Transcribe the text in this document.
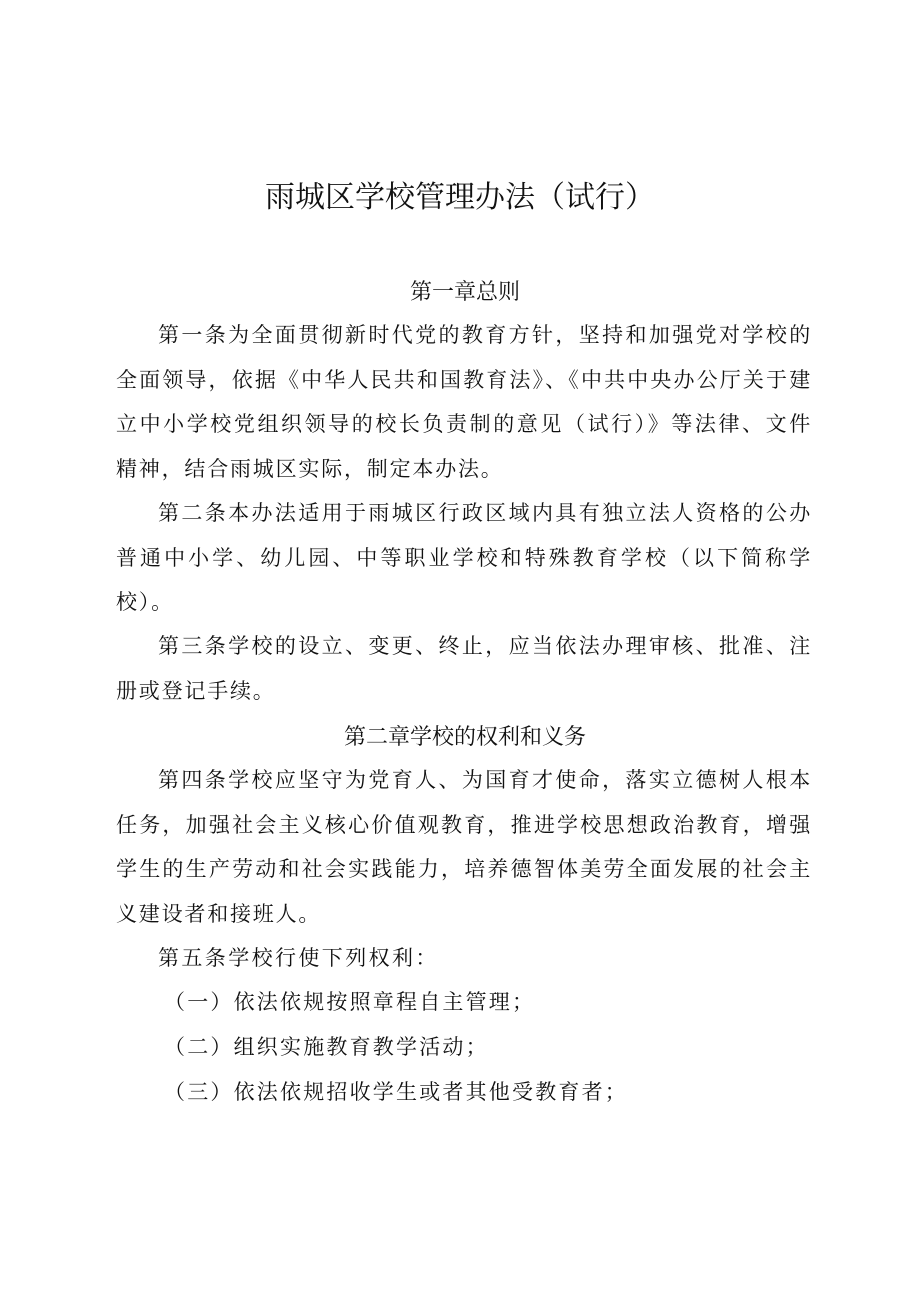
雨城区学校管理办法（试行）
第一章总则

第一条为全面贯彻新时代党的教育方针，坚持和加强党对学校的全面领导，依据《中华人民共和国教育法》、《中共中央办公厅关于建立中小学校党组织领导的校长负责制的意见（试行）》等法律、文件精神，结合雨城区实际，制定本办法。

第二条本办法适用于雨城区行政区域内具有独立法人资格的公办普通中小学、幼儿园、中等职业学校和特殊教育学校（以下简称学校）。

第三条学校的设立、变更、终止，应当依法办理审核、批准、注册或登记手续。

第二章学校的权利和义务

第四条学校应坚守为党育人、为国育才使命，落实立德树人根本任务，加强社会主义核心价值观教育，推进学校思想政治教育，增强学生的生产劳动和社会实践能力，培养德智体美劳全面发展的社会主义建设者和接班人。

第五条学校行使下列权利：

（一）依法依规按照章程自主管理；

（二）组织实施教育教学活动；

（三）依法依规招收学生或者其他受教育者；
